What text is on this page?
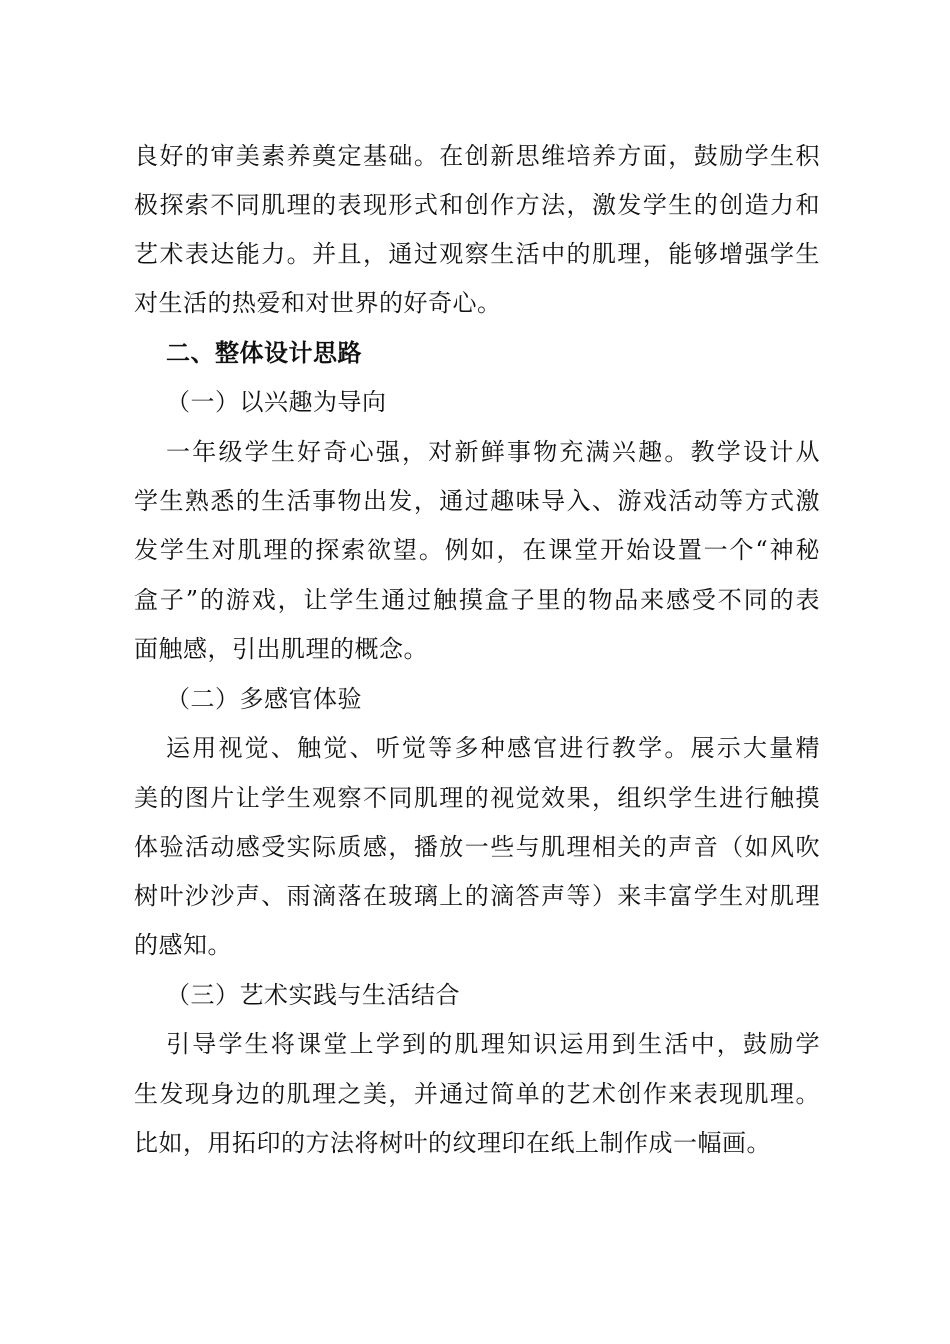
良好的审美素养奠定基础。在创新思维培养方面，鼓励学生积
极探索不同肌理的表现形式和创作方法，激发学生的创造力和
艺术表达能力。并且，通过观察生活中的肌理，能够增强学生
对生活的热爱和对世界的好奇心。
二、整体设计思路
（一）以兴趣为导向
一年级学生好奇心强，对新鲜事物充满兴趣。教学设计从
学生熟悉的生活事物出发，通过趣味导入、游戏活动等方式激
发学生对肌理的探索欲望。例如，在课堂开始设置一个“神秘
盒子”的游戏，让学生通过触摸盒子里的物品来感受不同的表
面触感，引出肌理的概念。
（二）多感官体验
运用视觉、触觉、听觉等多种感官进行教学。展示大量精
美的图片让学生观察不同肌理的视觉效果，组织学生进行触摸
体验活动感受实际质感，播放一些与肌理相关的声音（如风吹
树叶沙沙声、雨滴落在玻璃上的滴答声等）来丰富学生对肌理
的感知。
（三）艺术实践与生活结合
引导学生将课堂上学到的肌理知识运用到生活中，鼓励学
生发现身边的肌理之美，并通过简单的艺术创作来表现肌理。
比如，用拓印的方法将树叶的纹理印在纸上制作成一幅画。
